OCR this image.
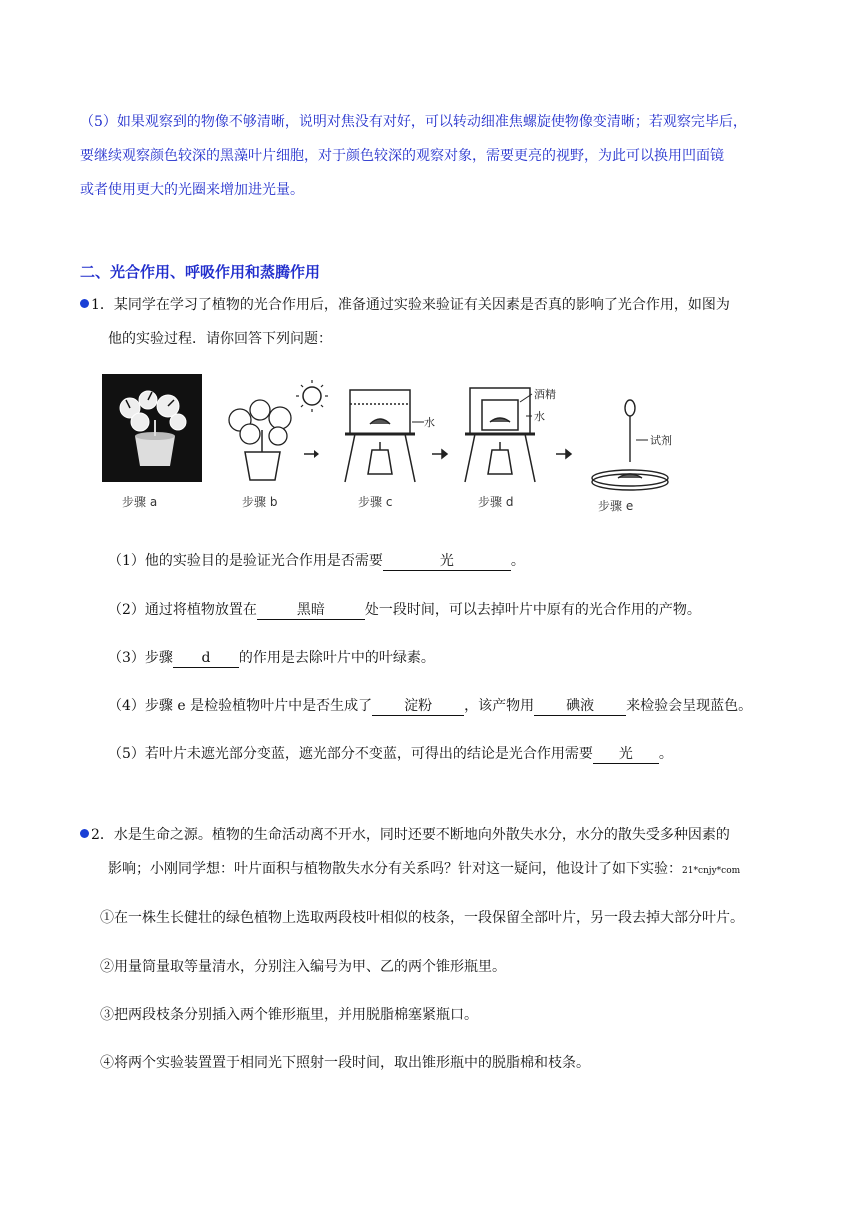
（5）如果观察到的物像不够清晰，说明对焦没有对好，可以转动细准焦螺旋使物像变清晰；若观察完毕后，
要继续观察颜色较深的黑藻叶片细胞，对于颜色较深的观察对象，需要更亮的视野，为此可以换用凹面镜
或者使用更大的光圈来增加进光量。
二、光合作用、呼吸作用和蒸腾作用
1．某同学在学习了植物的光合作用后，准备通过实验来验证有关因素是否真的影响了光合作用，如图为
他的实验过程．请你回答下列问题：
步骤 a	步骤 b
水
步骤 c
酒精
水
步骤 d
试剂
步骤 e
（1）他的实验目的是验证光合作用是否需要	光	。
（2）通过将植物放置在	黑暗	处一段时间，可以去掉叶片中原有的光合作用的产物。
（3）步骤 d 的作用是去除叶片中的叶绿素。
（4）步骤 e 是检验植物叶片中是否生成了 淀粉 ，该产物用 碘液 来检验会呈现蓝色。
（5）若叶片未遮光部分变蓝，遮光部分不变蓝，可得出的结论是光合作用需要 光 。
2．水是生命之源。植物的生命活动离不开水，同时还要不断地向外散失水分，水分的散失受多种因素的
影响；小刚同学想：叶片面积与植物散失水分有关系吗？针对这一疑问，他设计了如下实验：21*cnjy*com
①在一株生长健壮的绿色植物上选取两段枝叶相似的枝条，一段保留全部叶片，另一段去掉大部分叶片。
②用量筒量取等量清水，分别注入编号为甲、乙的两个锥形瓶里。
③把两段枝条分别插入两个锥形瓶里，并用脱脂棉塞紧瓶口。
④将两个实验装置置于相同光下照射一段时间，取出锥形瓶中的脱脂棉和枝条。
